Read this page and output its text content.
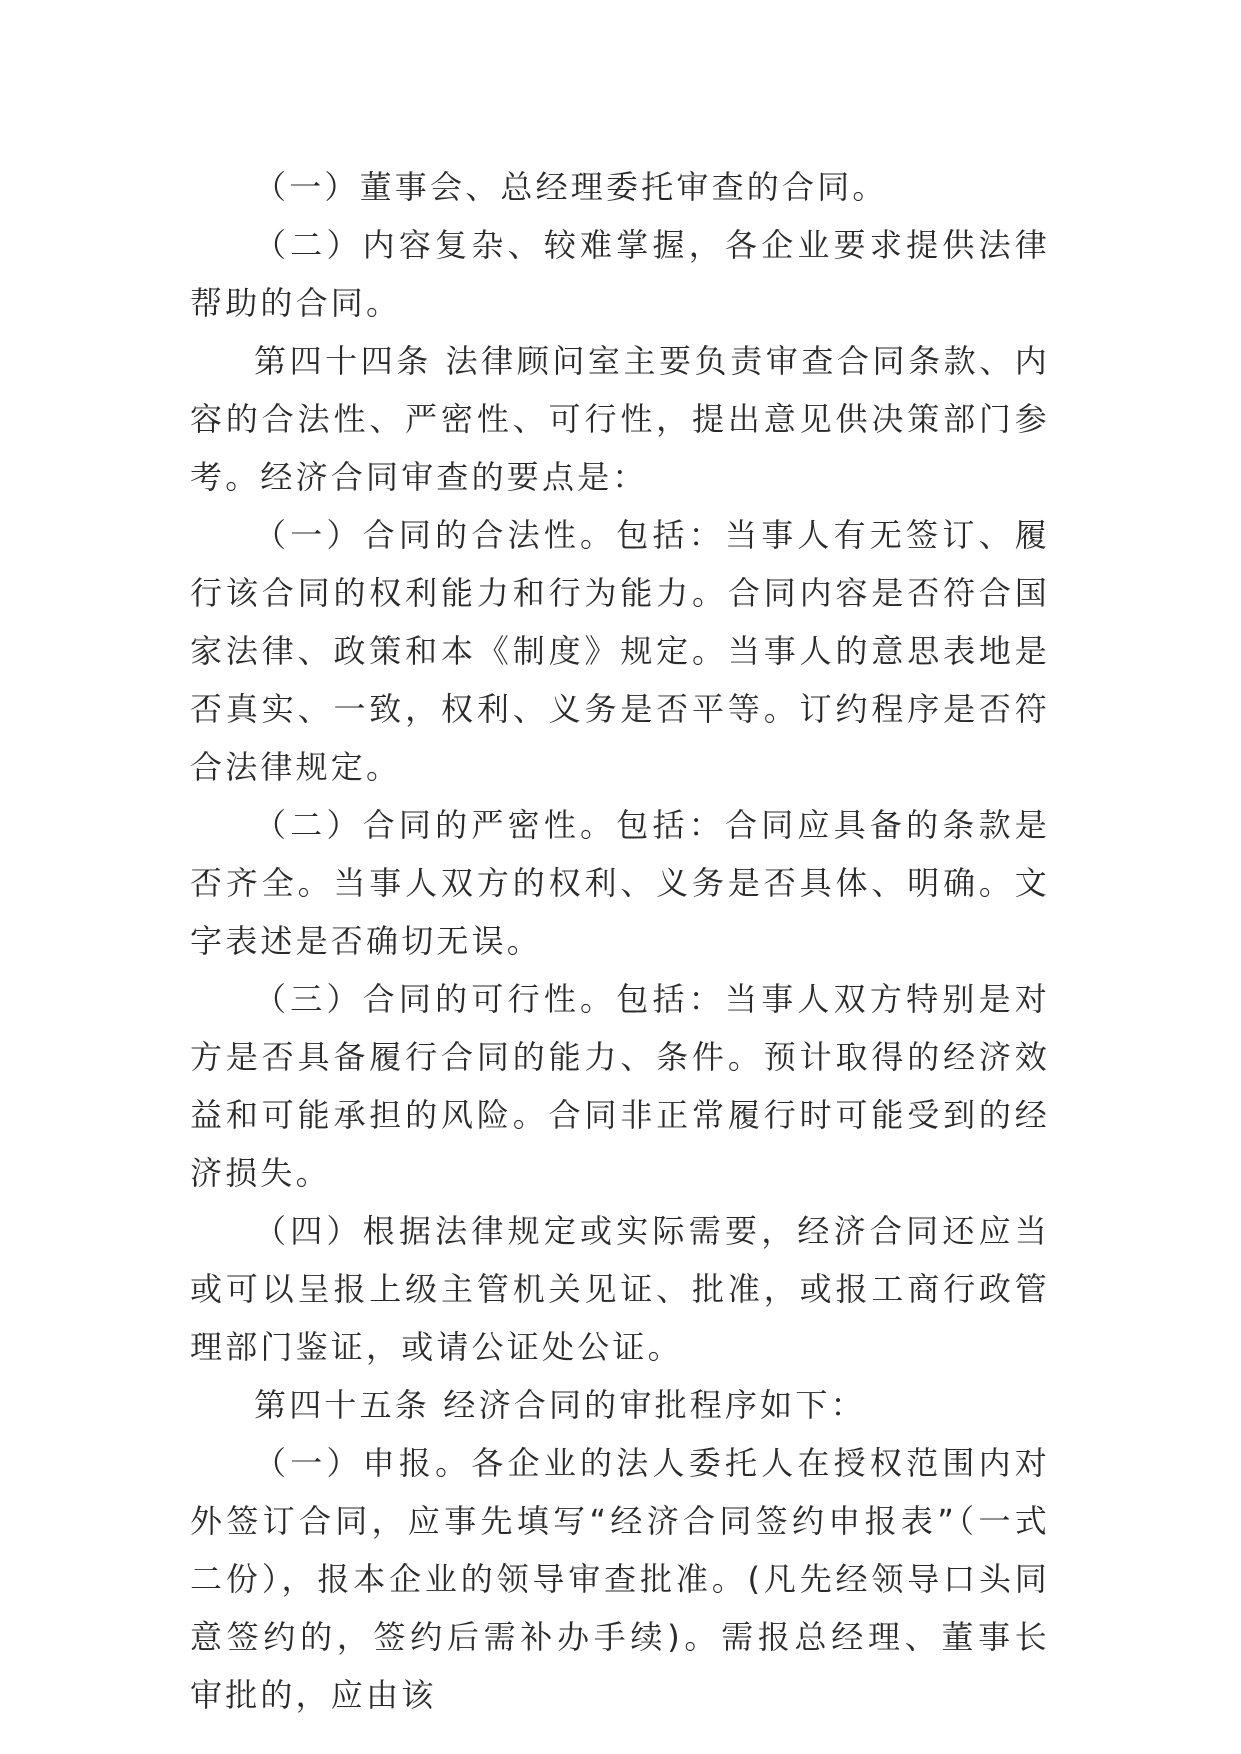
（一）董事会、总经理委托审查的合同。

（二）内容复杂、较难掌握，各企业要求提供法律帮助的合同。

第四十四条 法律顾问室主要负责审查合同条款、内容的合法性、严密性、可行性，提出意见供决策部门参考。经济合同审查的要点是：

（一）合同的合法性。包括：当事人有无签订、履行该合同的权利能力和行为能力。合同内容是否符合国家法律、政策和本《制度》规定。当事人的意思表地是否真实、一致，权利、义务是否平等。订约程序是否符合法律规定。

（二）合同的严密性。包括：合同应具备的条款是否齐全。当事人双方的权利、义务是否具体、明确。文字表述是否确切无误。

（三）合同的可行性。包括：当事人双方特别是对方是否具备履行合同的能力、条件。预计取得的经济效益和可能承担的风险。合同非正常履行时可能受到的经济损失。

（四）根据法律规定或实际需要，经济合同还应当或可以呈报上级主管机关见证、批准，或报工商行政管理部门鉴证，或请公证处公证。

第四十五条 经济合同的审批程序如下：

（一）申报。各企业的法人委托人在授权范围内对外签订合同，应事先填写“经济合同签约申报表”（一式二份），报本企业的领导审查批准。(凡先经领导口头同意签约的，签约后需补办手续)。需报总经理、董事长审批的，应由该
